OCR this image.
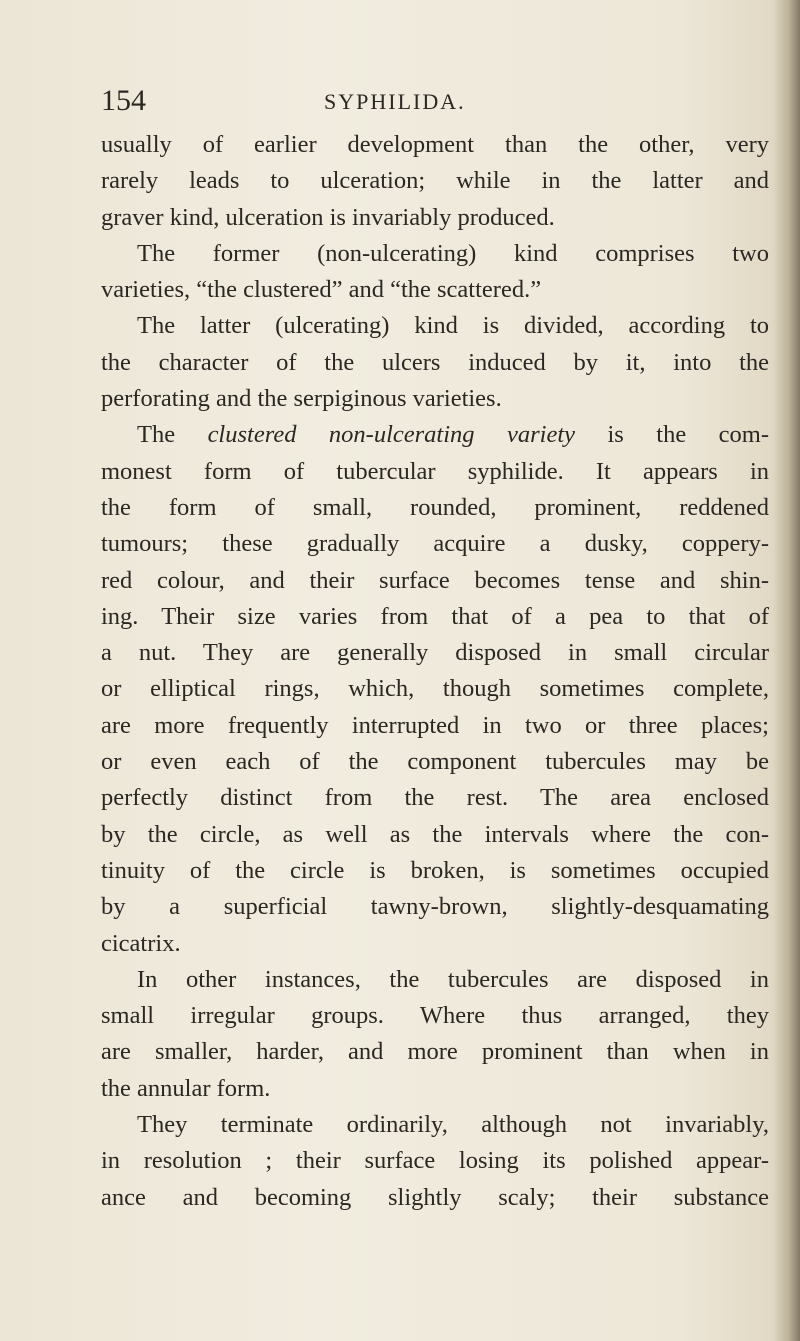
154	SYPHILIDA.
usually of earlier development than the other, very
rarely leads to ulceration; while in the latter and
graver kind, ulceration is invariably produced.
The former (non-ulcerating) kind comprises two
varieties, “the clustered” and “the scattered.”
The latter (ulcerating) kind is divided, according to
the character of the ulcers induced by it, into the
perforating and the serpiginous varieties.
The clustered non-ulcerating variety is the com-
monest form of tubercular syphilide. It appears in
the form of small, rounded, prominent, reddened
tumours; these gradually acquire a dusky, coppery-
red colour, and their surface becomes tense and shin-
ing. Their size varies from that of a pea to that of
a nut. They are generally disposed in small circular
or elliptical rings, which, though sometimes complete,
are more frequently interrupted in two or three places;
or even each of the component tubercules may be
perfectly distinct from the rest. The area enclosed
by the circle, as well as the intervals where the con-
tinuity of the circle is broken, is sometimes occupied
by a superficial tawny-brown, slightly-desquamating
cicatrix.
In other instances, the tubercules are disposed in
small irregular groups. Where thus arranged, they
are smaller, harder, and more prominent than when in
the annular form.
They terminate ordinarily, although not invariably,
in resolution ; their surface losing its polished appear-
ance and becoming slightly scaly; their substance
